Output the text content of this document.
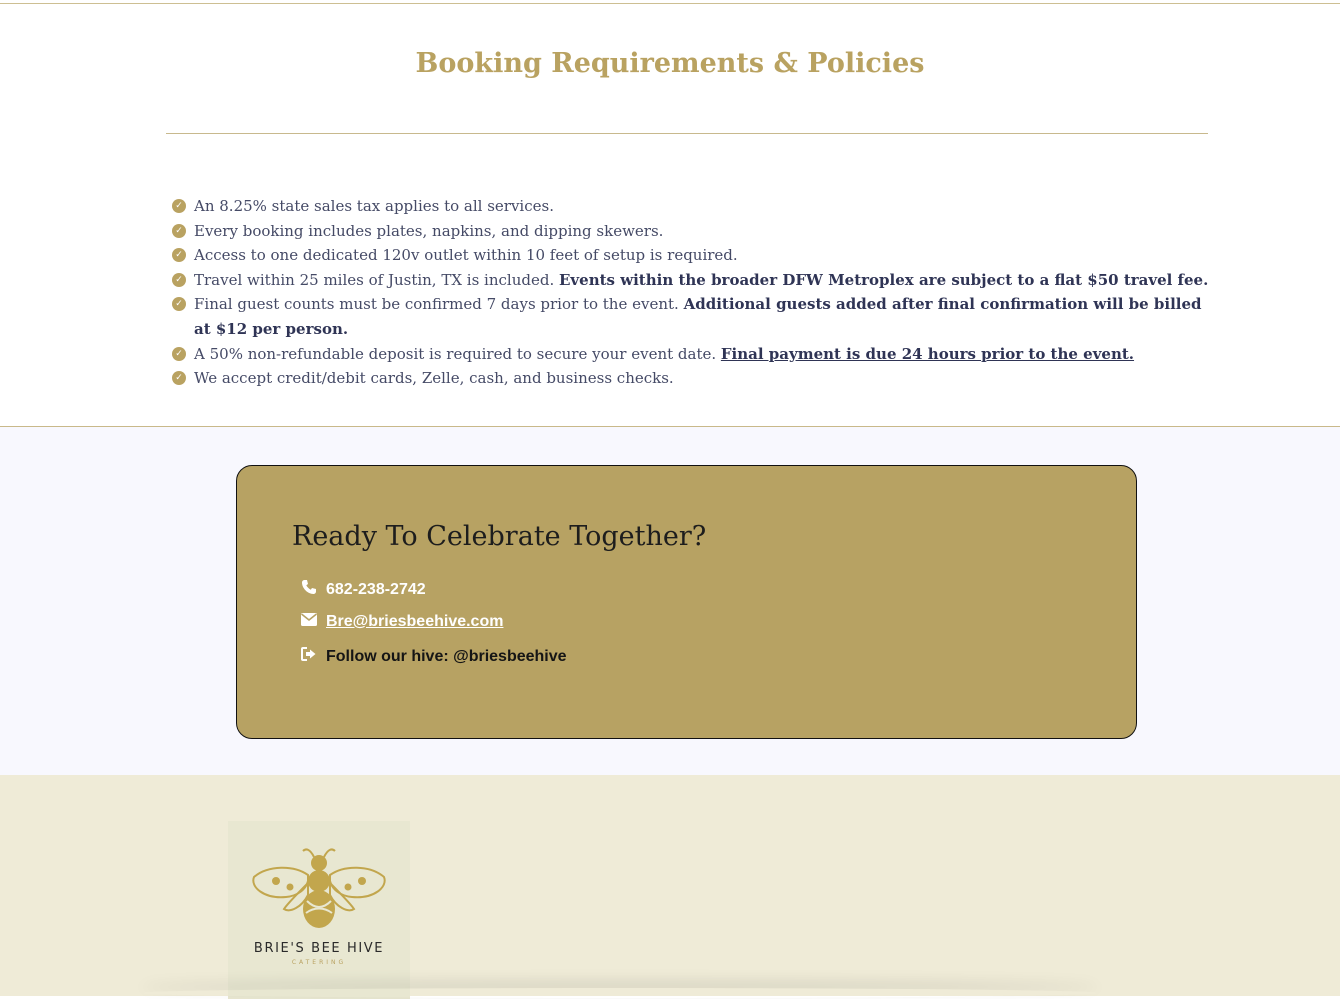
Booking Requirements & Policies
✓ An 8.25% state sales tax applies to all services.
✓ Every booking includes plates, napkins, and dipping skewers.
✓ Access to one dedicated 120v outlet within 10 feet of setup is required.
✓ Travel within 25 miles of Justin, TX is included. Events within the broader DFW Metroplex are subject to a flat $50 travel fee.
✓ Final guest counts must be confirmed 7 days prior to the event. Additional guests added after final confirmation will be billed at $12 per person.
✓ A 50% non-refundable deposit is required to secure your event date. Final payment is due 24 hours prior to the event.
✓ We accept credit/debit cards, Zelle, cash, and business checks.
Ready To Celebrate Together?
682-238-2742
Bre@briesbeehive.com
Follow our hive: @briesbeehive
BRIE'S BEE HIVE
CATERING
